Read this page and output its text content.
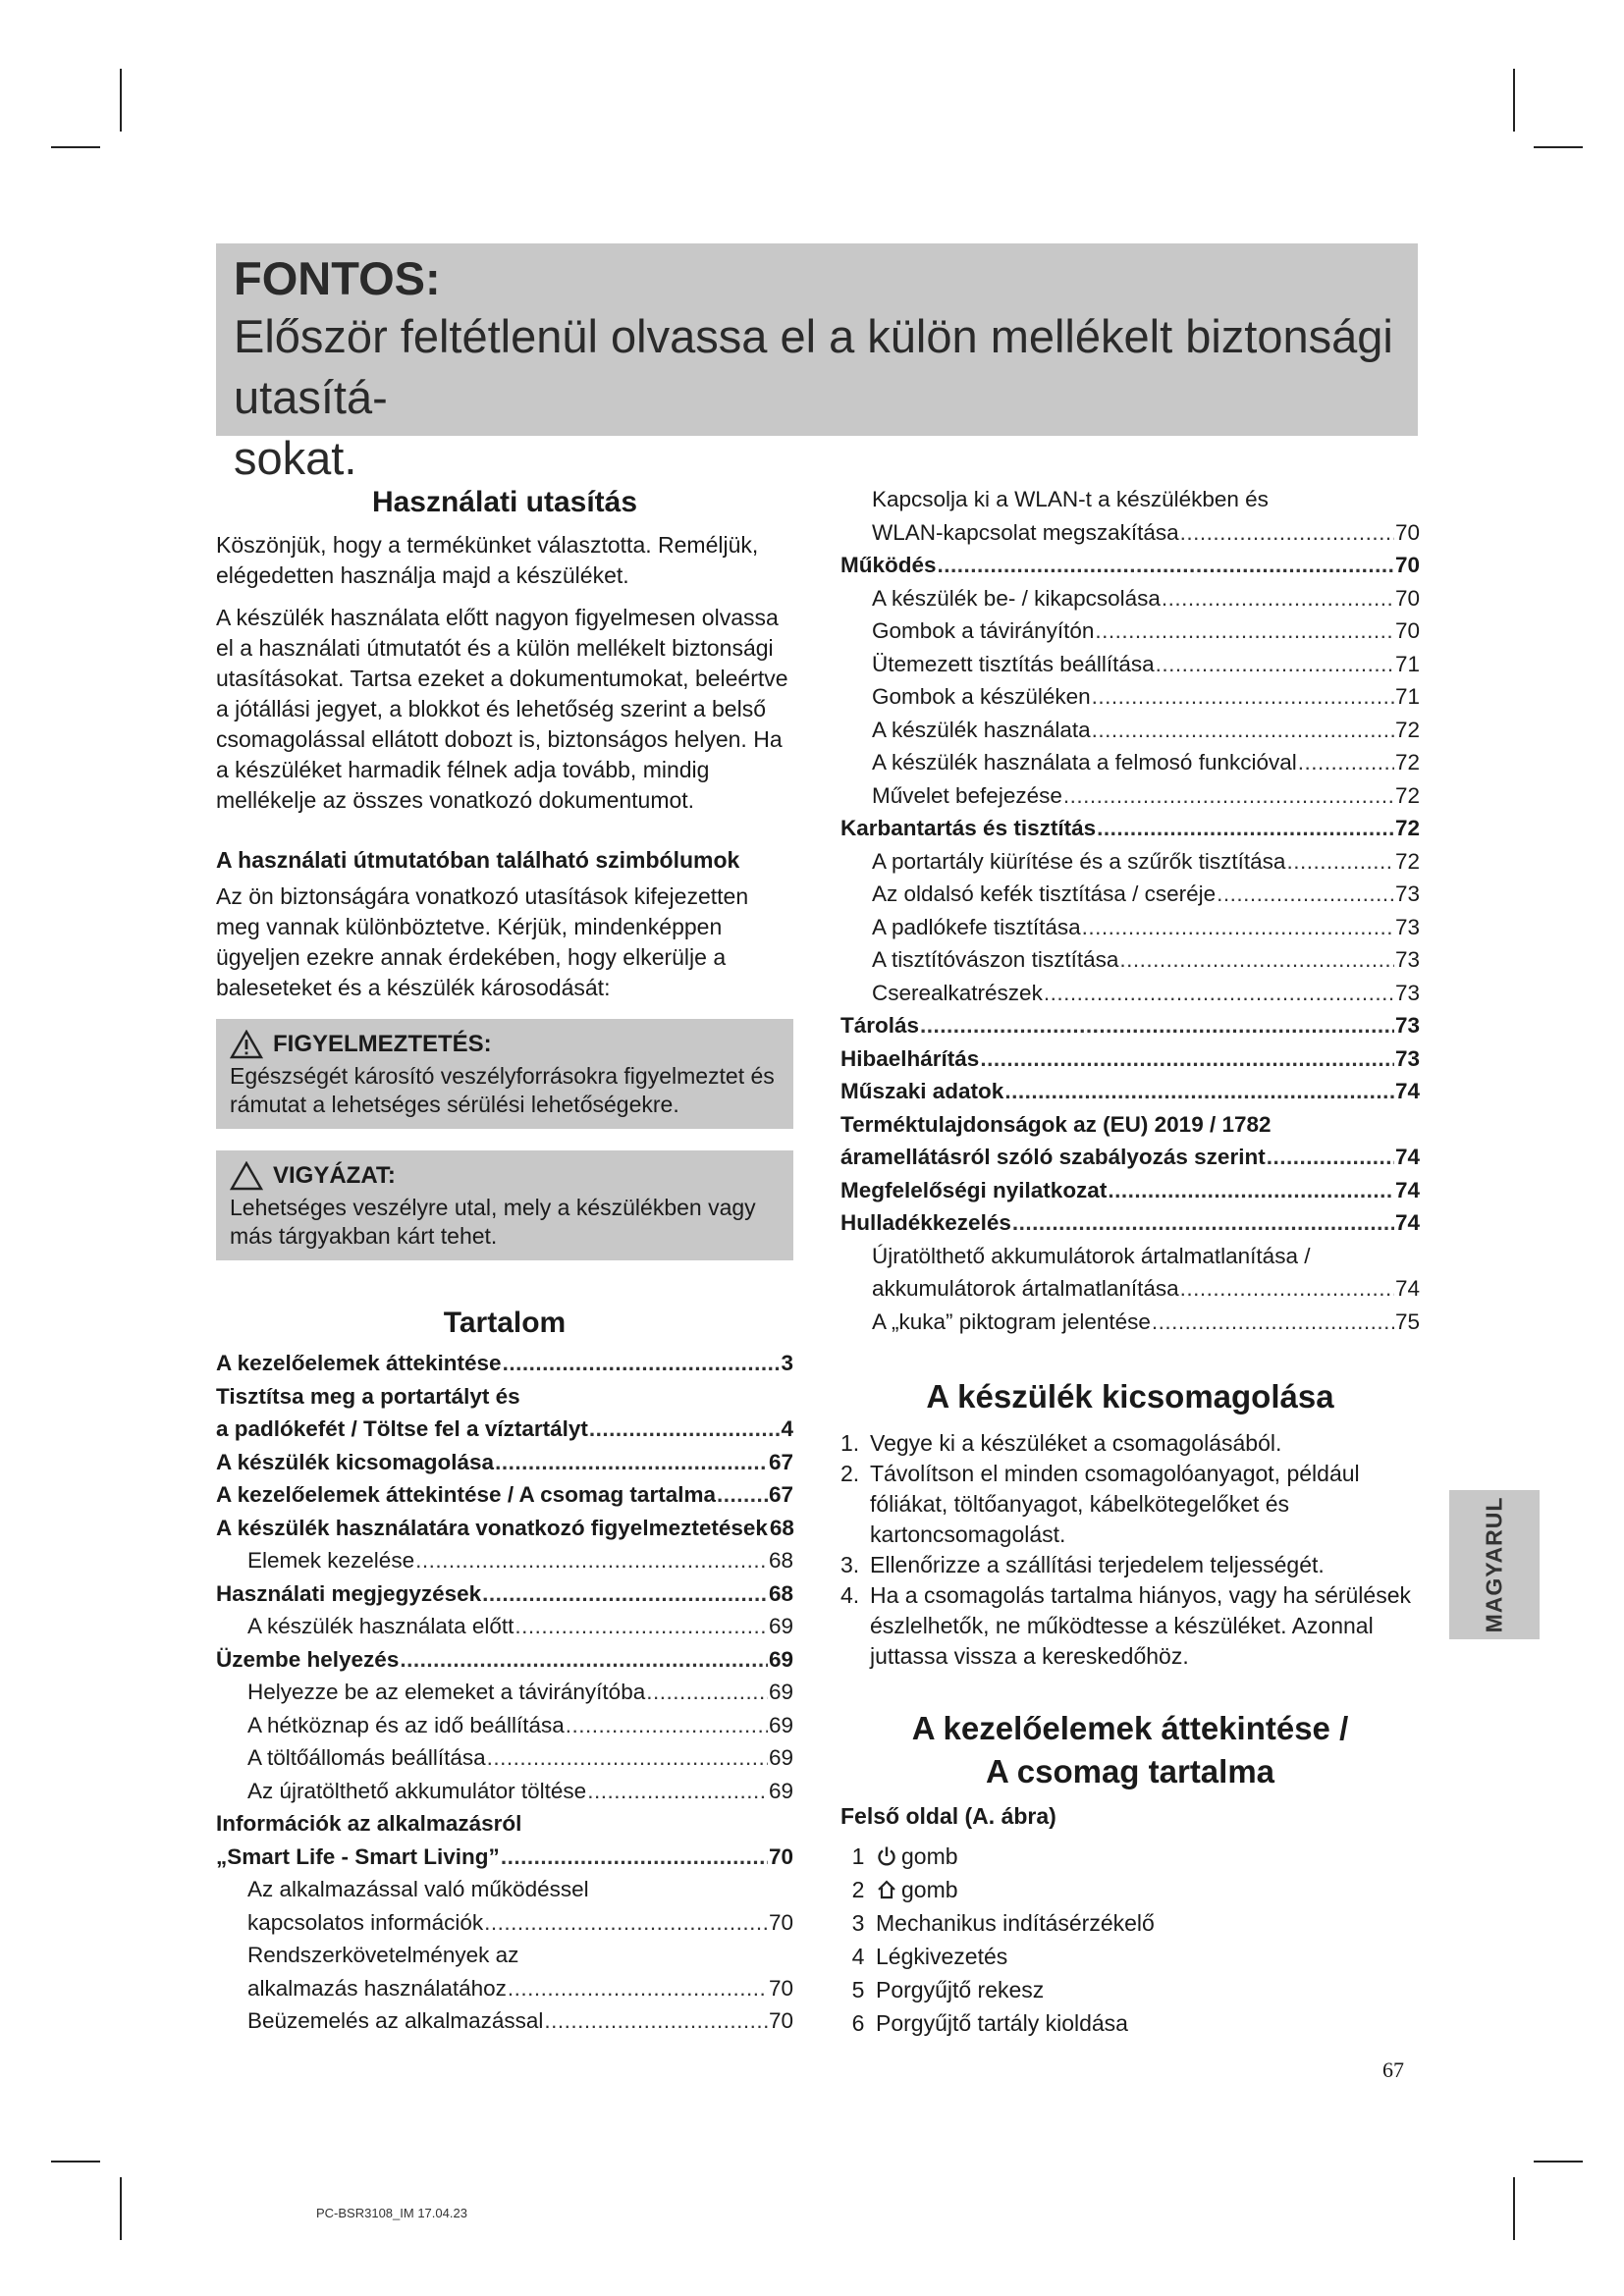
FONTOS:
Először feltétlenül olvassa el a külön mellékelt biztonsági utasítá-
sokat.
Használati utasítás

Köszönjük, hogy a termékünket választotta. Reméljük, elégedetten használja majd a készüléket.

A készülék használata előtt nagyon figyelmesen olvassa el a használati útmutatót és a külön mellékelt biztonsági utasításokat. Tartsa ezeket a dokumentumokat, beleértve a jótállási jegyet, a blokkot és lehetőség szerint a belső csomagolással ellátott dobozt is, biztonságos helyen. Ha a készüléket harmadik félnek adja tovább, mindig mellékelje az összes vonatkozó dokumentumot.

A használati útmutatóban található szimbólumok

Az ön biztonságára vonatkozó utasítások kifejezetten meg vannak különböztetve. Kérjük, mindenképpen ügyeljen ezekre annak érdekében, hogy elkerülje a baleseteket és a készülék károsodását:

FIGYELMEZTETÉS:
Egészségét károsító veszélyforrásokra figyelmeztet és rámutat a lehetséges sérülési lehetőségekre.
VIGYÁZAT:
Lehetséges veszélyre utal, mely a készülékben vagy más tárgyakban kárt tehet.
Tartalom
A kezelőelemek áttekintése .....	3
Tisztítsa meg a portartályt és
a padlókefét / Töltse fel a víztartályt .....	4
A készülék kicsomagolása .....	67
A kezelőelemek áttekintése / A csomag tartalma ..... 67
A készülék használatára vonatkozó figyelmeztetések 68
Elemek kezelése .....	68
Használati megjegyzések .....	68
A készülék használata előtt .....	69
Üzembe helyezés .....	69
Helyezze be az elemeket a távirányítóba .....	69
A hétköznap és az idő beállítása .....	69
A töltőállomás beállítása .....	69
Az újratölthető akkumulátor töltése .....	69
Információk az alkalmazásról
„Smart Life - Smart Living” .....	70
Az alkalmazással való működéssel
kapcsolatos információk .....	70
Rendszerkövetelmények az
alkalmazás használatához .....	70
Beüzemelés az alkalmazással .....	70
Kapcsolja ki a WLAN-t a készülékben és
WLAN-kapcsolat megszakítása .....	70
Működés .....	70
A készülék be- / kikapcsolása .....	70
Gombok a távirányítón .....	70
Ütemezett tisztítás beállítása .....	71
Gombok a készüléken .....	71
A készülék használata .....	72
A készülék használata a felmosó funkcióval .....	72
Művelet befejezése .....	72
Karbantartás és tisztítás .....	72
A portartály kiürítése és a szűrők tisztítása .....	72
Az oldalsó kefék tisztítása / cseréje .....	73
A padlókefe tisztítása .....	73
A tisztítóvászon tisztítása .....	73
Cserealkatrészek .....	73
Tárolás .....	73
Hibaelhárítás .....	73
Műszaki adatok .....	74
Terméktulajdonságok az (EU) 2019 / 1782
áramellátásról szóló szabályozás szerint .....	74
Megfelelőségi nyilatkozat .....	74
Hulladékkezelés .....	74
Újratölthető akkumulátorok ártalmatlanítása /
akkumulátorok ártalmatlanítása .....	74
A „kuka” piktogram jelentése .....	75
A készülék kicsomagolása
1. Vegye ki a készüléket a csomagolásából.
2. Távolítson el minden csomagolóanyagot, például fóliákat, töltőanyagot, kábelkötegelőket és kartoncsomagolást.
3. Ellenőrizze a szállítási terjedelem teljességét.
4. Ha a csomagolás tartalma hiányos, vagy ha sérülések észlelhetők, ne működtesse a készüléket. Azonnal juttassa vissza a kereskedőhöz.
A kezelőelemek áttekintése /
A csomag tartalma
Felső oldal (A. ábra)
1	gomb
2	gomb
3 Mechanikus indításérzékelő
4 Légkivezetés
5 Porgyűjtő rekesz
6 Porgyűjtő tartály kioldása
MAGYARUL
67
PC-BSR3108_IM 17.04.23
